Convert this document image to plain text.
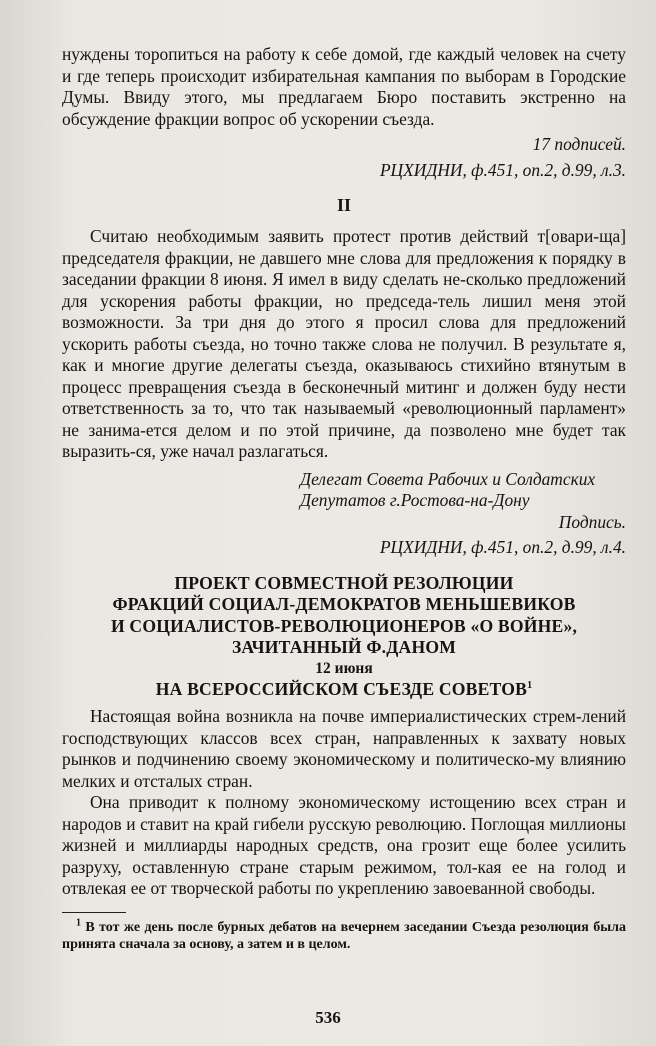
нуждены торопиться на работу к себе домой, где каждый человек на счету и где теперь происходит избирательная кампания по выборам в Городские Думы. Ввиду этого, мы предлагаем Бюро поставить экстренно на обсуждение фракции вопрос об ускорении съезда.

17 подписей.

РЦХИДНИ, ф.451, оп.2, д.99, л.3.

II

Считаю необходимым заявить протест против действий т[овари-ща] председателя фракции, не давшего мне слова для предложения к порядку в заседании фракции 8 июня. Я имел в виду сделать не-сколько предложений для ускорения работы фракции, но председа-тель лишил меня этой возможности. За три дня до этого я просил слова для предложений ускорить работы съезда, но точно также слова не получил. В результате я, как и многие другие делегаты съезда, оказываюсь стихийно втянутым в процесс превращения съезда в бесконечный митинг и должен буду нести ответственность за то, что так называемый «революционный парламент» не занима-ется делом и по этой причине, да позволено мне будет так выразить-ся, уже начал разлагаться.

Делегат Совета Рабочих и Солдатских

Депутатов г.Ростова-на-Дону

Подпись.

РЦХИДНИ, ф.451, оп.2, д.99, л.4.

ПРОЕКТ СОВМЕСТНОЙ РЕЗОЛЮЦИИ

ФРАКЦИЙ СОЦИАЛ-ДЕМОКРАТОВ МЕНЬШЕВИКОВ

И СОЦИАЛИСТОВ-РЕВОЛЮЦИОНЕРОВ «О ВОЙНЕ»,

ЗАЧИТАННЫЙ Ф.ДАНОМ

12 июня

НА ВСЕРОССИЙСКОМ СЪЕЗДЕ СОВЕТОВ$^1$

Настоящая война возникла на почве империалистических стрем-лений господствующих классов всех стран, направленных к захвату новых рынков и подчинению своему экономическому и политическо-му влиянию мелких и отсталых стран.

Она приводит к полному экономическому истощению всех стран и народов и ставит на край гибели русскую революцию. Поглощая миллионы жизней и миллиарды народных средств, она грозит еще более усилить разруху, оставленную стране старым режимом, тол-кая ее на голод и отвлекая ее от творческой работы по укреплению завоеванной свободы.

$^1$ В тот же день после бурных дебатов на вечернем заседании Съезда резолюция была принята сначала за основу, а затем и в целом.

536
